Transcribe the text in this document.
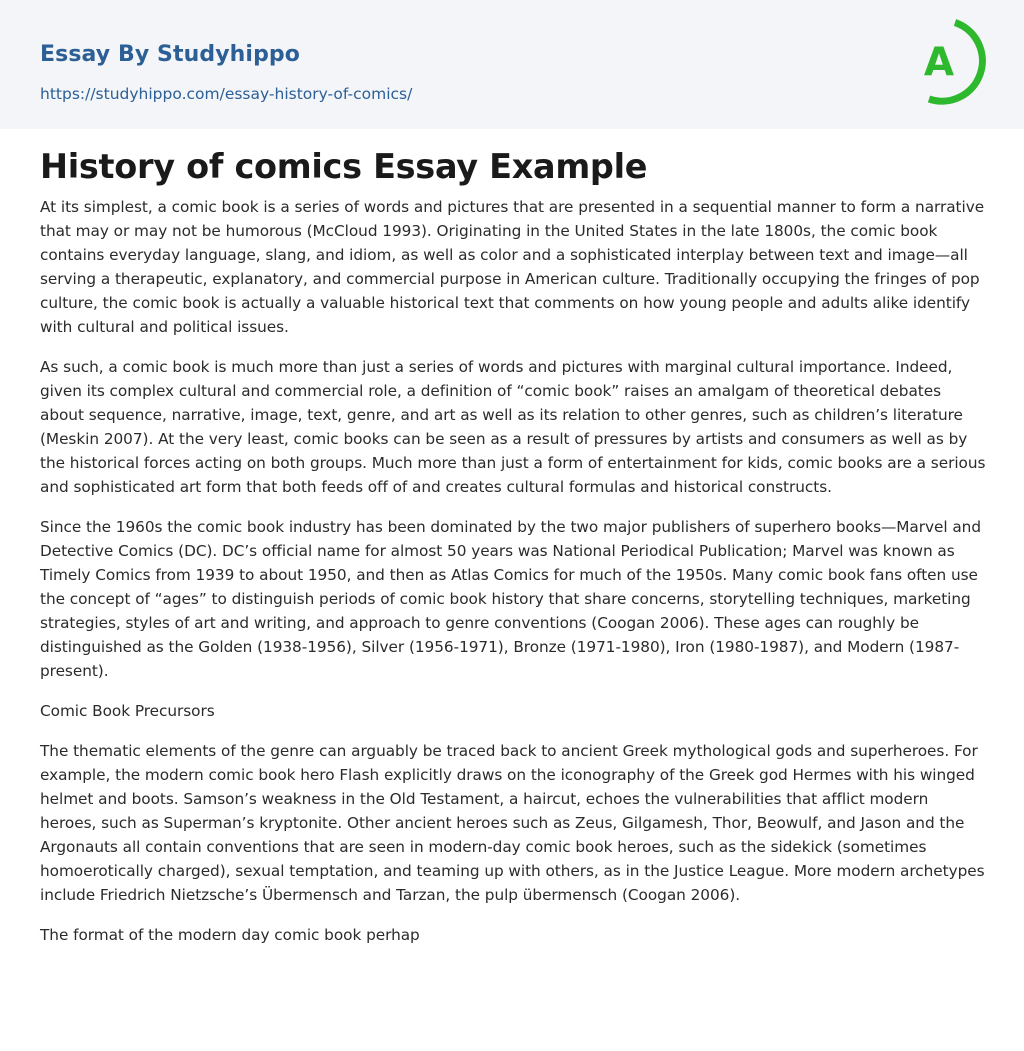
Essay By Studyhippo
https://studyhippo.com/essay-history-of-comics/
A
History of comics Essay Example

At its simplest, a comic book is a series of words and pictures that are presented in a sequential manner to form a narrative that may or may not be humorous (McCloud 1993). Originating in the United States in the late 1800s, the comic book contains everyday language, slang, and idiom, as well as color and a sophisticated interplay between text and image—all serving a therapeutic, explanatory, and commercial purpose in American culture. Traditionally occupying the fringes of pop culture, the comic book is actually a valuable historical text that comments on how young people and adults alike identify with cultural and political issues.

As such, a comic book is much more than just a series of words and pictures with marginal cultural importance. Indeed, given its complex cultural and commercial role, a definition of “comic book” raises an amalgam of theoretical debates about sequence, narrative, image, text, genre, and art as well as its relation to other genres, such as children’s literature (Meskin 2007). At the very least, comic books can be seen as a result of pressures by artists and consumers as well as by the historical forces acting on both groups. Much more than just a form of entertainment for kids, comic books are a serious and sophisticated art form that both feeds off of and creates cultural formulas and historical constructs.

Since the 1960s the comic book industry has been dominated by the two major publishers of superhero books—Marvel and Detective Comics (DC). DC’s official name for almost 50 years was National Periodical Publication; Marvel was known as Timely Comics from 1939 to about 1950, and then as Atlas Comics for much of the 1950s. Many comic book fans often use the concept of “ages” to distinguish periods of comic book history that share concerns, storytelling techniques, marketing strategies, styles of art and writing, and approach to genre conventions (Coogan 2006). These ages can roughly be distinguished as the Golden (1938-1956), Silver (1956-1971), Bronze (1971-1980), Iron (1980-1987), and Modern (1987-present).

Comic Book Precursors

The thematic elements of the genre can arguably be traced back to ancient Greek mythological gods and superheroes. For example, the modern comic book hero Flash explicitly draws on the iconography of the Greek god Hermes with his winged helmet and boots. Samson’s weakness in the Old Testament, a haircut, echoes the vulnerabilities that afflict modern heroes, such as Superman’s kryptonite. Other ancient heroes such as Zeus, Gilgamesh, Thor, Beowulf, and Jason and the Argonauts all contain conventions that are seen in modern-day comic book heroes, such as the sidekick (sometimes homoerotically charged), sexual temptation, and teaming up with others, as in the Justice League. More modern archetypes include Friedrich Nietzsche’s Übermensch and Tarzan, the pulp übermensch (Coogan 2006).

The format of the modern day comic book perhap
